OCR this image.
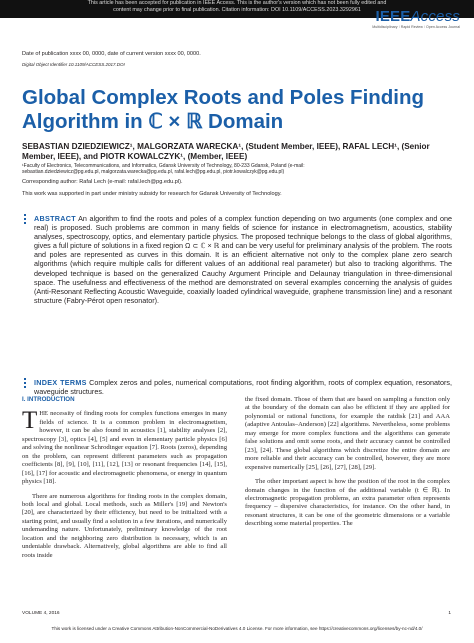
This article has been accepted for publication in IEEE Access. This is the author's version which has not been fully edited and
content may change prior to final publication. Citation information: DOI 10.1109/ACCESS.2023.3292961 IEEEAccess
Multidisciplinary ⁝ Rapid Review ⁝ Open Access Journal
Date of publication xxxx 00, 0000, date of current version xxxx 00, 0000.
Digital Object Identifier 10.1109/ACCESS.2017.DOI
Global Complex Roots and Poles Finding Algorithm in ℂ × ℝ Domain
SEBASTIAN DZIEDZIEWICZ¹, MALGORZATA WARECKA¹, (Student Member, IEEE), RAFAL LECH¹, (Senior Member, IEEE), and PIOTR KOWALCZYK¹, (Member, IEEE)
¹Faculty of Electronics, Telecommunications, and Informatics, Gdansk University of Technology, 80-233 Gdansk, Poland (e-mail:
sebastian.dziedziewicz@pg.edu.pl, malgorzata.warecka@pg.edu.pl, rafal.lech@pg.edu.pl, piotr.kowalczyk@pg.edu.pl)
Corresponding author: Rafal Lech (e-mail: rafal.lech@pg.edu.pl).
This work was supported in part under ministry subsidy for research for Gdansk University of Technology.
ABSTRACT An algorithm to find the roots and poles of a complex function depending on two arguments (one complex and one real) is proposed. Such problems are common in many fields of science for instance in electromagnetism, acoustics, stability analyses, spectroscopy, optics, and elementary particle physics. The proposed technique belongs to the class of global algorithms, gives a full picture of solutions in a fixed region Ω ⊂ ℂ × ℝ and can be very useful for preliminary analysis of the problem. The roots and poles are represented as curves in this domain. It is an efficient alternative not only to the complex plane zero search algorithms (which require multiple calls for different values of an additional real parameter) but also to tracking algorithms. The developed technique is based on the generalized Cauchy Argument Principle and Delaunay triangulation in three-dimensional space. The usefulness and effectiveness of the method are demonstrated on several examples concerning the analysis of guides (Anti-Resonant Reflecting Acoustic Waveguide, coaxially loaded cylindrical waveguide, graphene transmission line) and a resonant structure (Fabry-Pérot open resonator).
INDEX TERMS Complex zeros and poles, numerical computations, root finding algorithm, roots of complex equation, resonators, waveguide structures.
I. INTRODUCTION

THE necessity of finding roots for complex functions emerges in many fields of science. It is a common problem in electromagnetism, however, it can be also found in acoustics [1], stability analyses [2], spectroscopy [3], optics [4], [5] and even in elementary particle physics [6] and solving the nonlinear Schrodinger equation [7]. Roots (zeros), depending on the problem, can represent different parameters such as propagation coefficients [8], [9], [10], [11], [12], [13] or resonant frequencies [14], [15], [16], [17] for acoustic and electromagnetic phenomena, or energy in quantum physics [18].

There are numerous algorithms for finding roots in the complex domain, both local and global. Local methods, such as Miller's [19] and Newton's [20], are characterized by their efficiency, but need to be initialized with a starting point, and usually find a solution in a few iterations, and numerically undemanding nature. Unfortunately, preliminary knowledge of the root location and the neighboring zero distribution is necessary, which is an undeniable drawback. Alternatively, global algorithms are able to find all roots inside

the fixed domain. Those of them that are based on sampling a function only at the boundary of the domain can also be efficient if they are applied for polynomial or rational functions, for example the ratdisk [21] and AAA (adaptive Antoulas–Anderson) [22] algorithms. Nevertheless, some problems may emerge for more complex functions and the algorithms can generate false solutions and omit some roots, and their accuracy cannot be controlled [23], [24]. These global algorithms which discretize the entire domain are more reliable and their accuracy can be controlled, however, they are more expensive numerically [25], [26], [27], [28], [29].

The other important aspect is how the position of the root in the complex domain changes in the function of the additional variable (t ∈ ℝ). In electromagnetic propagation problems, an extra parameter often represents frequency – dispersive characteristics, for instance. On the other hand, in resonant structures, it can be one of the geometric dimensions or a variable describing some material properties. The

VOLUME 4, 2016	1
This work is licensed under a Creative Commons Attribution-NonCommercial-NoDerivatives 4.0 License. For more information, see https://creativecommons.org/licenses/by-nc-nd/4.0/
